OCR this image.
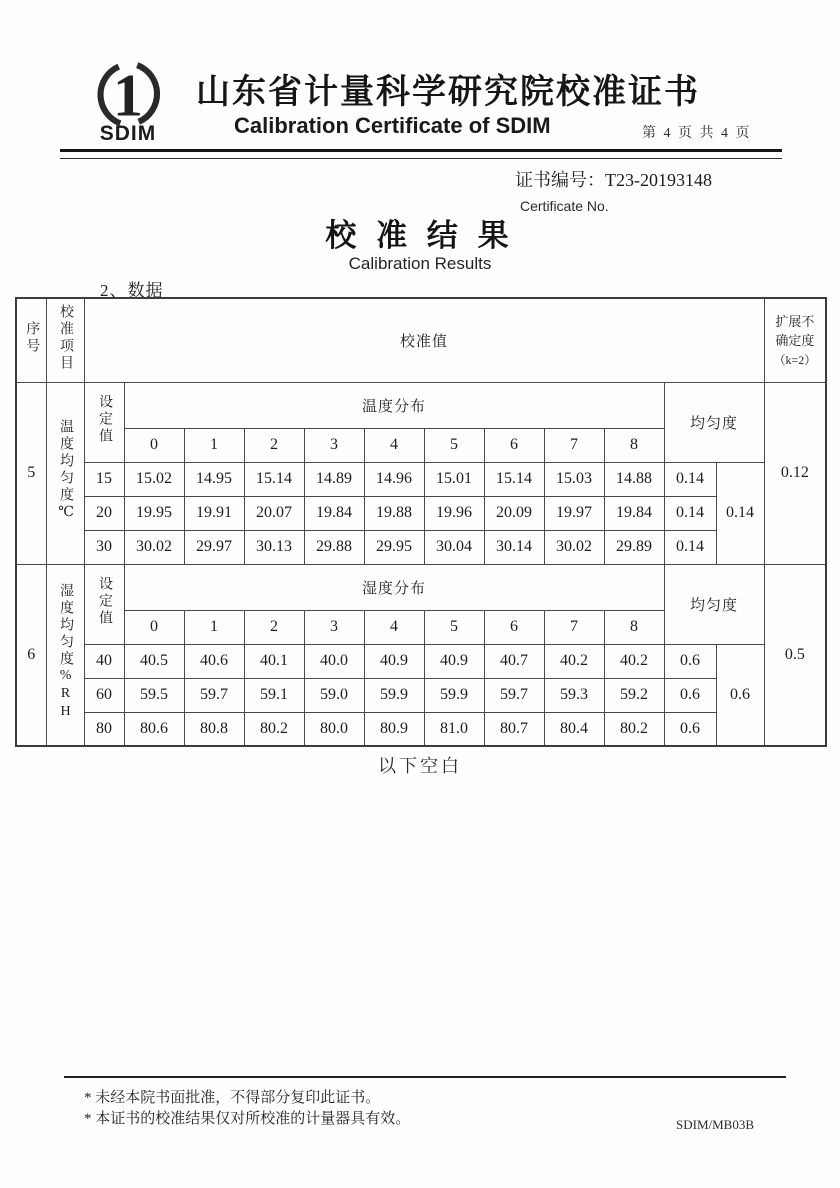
1
SDIM
山东省计量科学研究院校准证书
Calibration Certificate of SDIM	第 4 页 共 4 页
证书编号：T23-20193148
Certificate No.
校 准 结 果
Calibration Results
2、数据
序号	校准项目	校准值												扩展不确定度
（k=2）

5	温度均匀度℃	设定值	温度分布									均匀度		0.12
			0	1	2	3	4	5	6	7	8			
		15	15.02	14.95	15.14	14.89	14.96	15.01	15.14	15.03	14.88	0.14	0.14	
		20	19.95	19.91	20.07	19.84	19.88	19.96	20.09	19.97	19.84	0.14		
		30	30.02	29.97	30.13	29.88	29.95	30.04	30.14	30.02	29.89	0.14		
6	湿度均匀度%RH	设定值	湿度分布									均匀度		0.5
			0	1	2	3	4	5	6	7	8			
		40	40.5	40.6	40.1	40.0	40.9	40.9	40.7	40.2	40.2	0.6	0.6	
		60	59.5	59.7	59.1	59.0	59.9	59.9	59.7	59.3	59.2	0.6		
		80	80.6	80.8	80.2	80.0	80.9	81.0	80.7	80.4	80.2	0.6		
以下空白
* 未经本院书面批准，不得部分复印此证书。
* 本证书的校准结果仅对所校准的计量器具有效。	SDIM/MB03B
